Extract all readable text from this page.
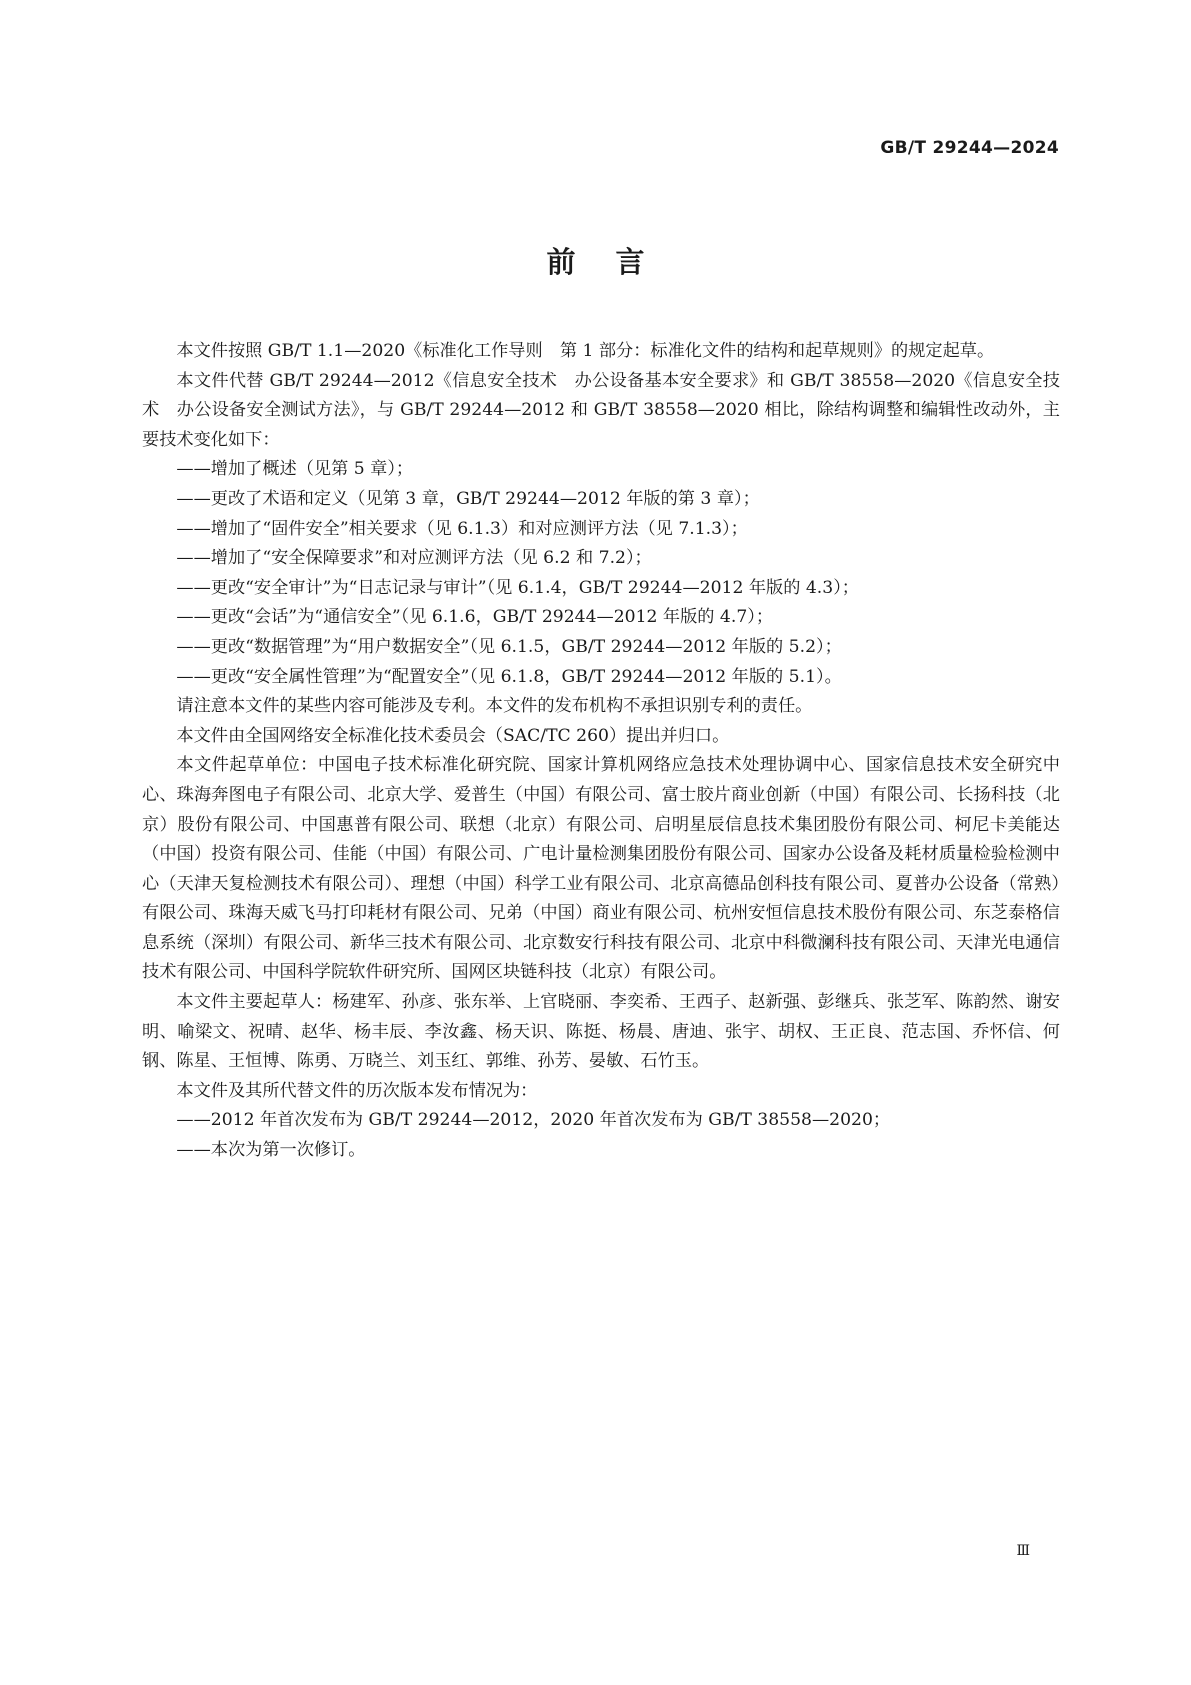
GB/T 29244—2024
前言

本文件按照 GB/T 1.1—2020《标准化工作导则　第 1 部分：标准化文件的结构和起草规则》的规定起草。

本文件代替 GB/T 29244—2012《信息安全技术　办公设备基本安全要求》和 GB/T 38558—2020《信息安全技术　办公设备安全测试方法》，与 GB/T 29244—2012 和 GB/T 38558—2020 相比，除结构调整和编辑性改动外，主要技术变化如下：

——增加了概述（见第 5 章）；

——更改了术语和定义（见第 3 章，GB/T 29244—2012 年版的第 3 章）；

——增加了“固件安全”相关要求（见 6.1.3）和对应测评方法（见 7.1.3）；

——增加了“安全保障要求”和对应测评方法（见 6.2 和 7.2）；

——更改“安全审计”为“日志记录与审计”（见 6.1.4，GB/T 29244—2012 年版的 4.3）；

——更改“会话”为“通信安全”（见 6.1.6，GB/T 29244—2012 年版的 4.7）；

——更改“数据管理”为“用户数据安全”（见 6.1.5，GB/T 29244—2012 年版的 5.2）；

——更改“安全属性管理”为“配置安全”（见 6.1.8，GB/T 29244—2012 年版的 5.1）。

请注意本文件的某些内容可能涉及专利。本文件的发布机构不承担识别专利的责任。

本文件由全国网络安全标准化技术委员会（SAC/TC 260）提出并归口。

本文件起草单位：中国电子技术标准化研究院、国家计算机网络应急技术处理协调中心、国家信息技术安全研究中心、珠海奔图电子有限公司、北京大学、爱普生（中国）有限公司、富士胶片商业创新（中国）有限公司、长扬科技（北京）股份有限公司、中国惠普有限公司、联想（北京）有限公司、启明星辰信息技术集团股份有限公司、柯尼卡美能达（中国）投资有限公司、佳能（中国）有限公司、广电计量检测集团股份有限公司、国家办公设备及耗材质量检验检测中心（天津天复检测技术有限公司）、理想（中国）科学工业有限公司、北京高德品创科技有限公司、夏普办公设备（常熟）有限公司、珠海天威飞马打印耗材有限公司、兄弟（中国）商业有限公司、杭州安恒信息技术股份有限公司、东芝泰格信息系统（深圳）有限公司、新华三技术有限公司、北京数安行科技有限公司、北京中科微澜科技有限公司、天津光电通信技术有限公司、中国科学院软件研究所、国网区块链科技（北京）有限公司。

本文件主要起草人：杨建军、孙彦、张东举、上官晓丽、李奕希、王西子、赵新强、彭继兵、张芝军、陈韵然、谢安明、喻梁文、祝晴、赵华、杨丰辰、李汝鑫、杨天识、陈挺、杨晨、唐迪、张宇、胡权、王正良、范志国、乔怀信、何钢、陈星、王恒博、陈勇、万晓兰、刘玉红、郭维、孙芳、晏敏、石竹玉。

本文件及其所代替文件的历次版本发布情况为：

——2012 年首次发布为 GB/T 29244—2012，2020 年首次发布为 GB/T 38558—2020；

——本次为第一次修订。

Ⅲ
